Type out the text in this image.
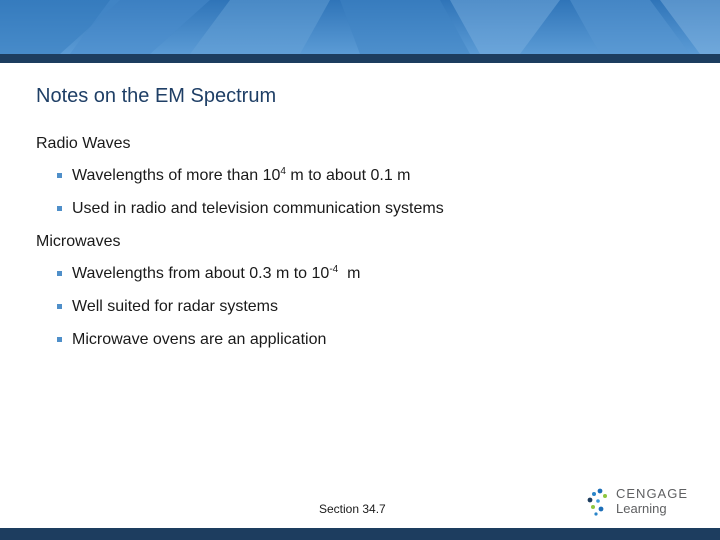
Notes on the EM Spectrum
Radio Waves
Wavelengths of more than $10^4$ m to about 0.1 m
Used in radio and television communication systems
Microwaves
Wavelengths from about 0.3 m to $10^{-4}$  m
Well suited for radar systems
Microwave ovens are an application
Section 34.7
CENGAGE
Learning
